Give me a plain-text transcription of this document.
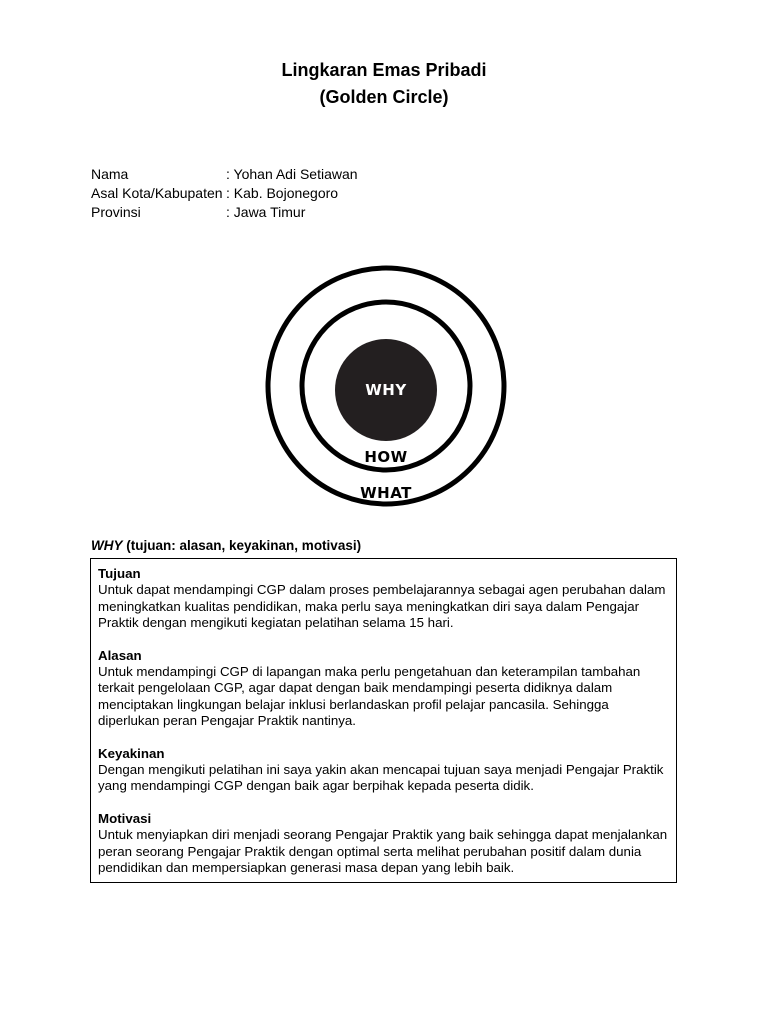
Lingkaran Emas Pribadi
(Golden Circle)
Nama	: Yohan Adi Setiawan
Asal Kota/Kabupaten : Kab. Bojonegoro
Provinsi	: Jawa Timur
WHY
HOW
WHAT
WHY (tujuan: alasan, keyakinan, motivasi)
Tujuan

Untuk dapat mendampingi CGP dalam proses pembelajarannya sebagai agen perubahan dalam meningkatkan kualitas pendidikan, maka perlu saya meningkatkan diri saya dalam Pengajar Praktik dengan mengikuti kegiatan pelatihan selama 15 hari.

Alasan

Untuk mendampingi CGP di lapangan maka perlu pengetahuan dan keterampilan tambahan terkait pengelolaan CGP, agar dapat dengan baik mendampingi peserta didiknya dalam menciptakan lingkungan belajar inklusi berlandaskan profil pelajar pancasila. Sehingga diperlukan peran Pengajar Praktik nantinya.

Keyakinan

Dengan mengikuti pelatihan ini saya yakin akan mencapai tujuan saya menjadi Pengajar Praktik yang mendampingi CGP dengan baik agar berpihak kepada peserta didik.

Motivasi

Untuk menyiapkan diri menjadi seorang Pengajar Praktik yang baik sehingga dapat menjalankan peran seorang Pengajar Praktik dengan optimal serta melihat perubahan positif dalam dunia pendidikan dan mempersiapkan generasi masa depan yang lebih baik.
